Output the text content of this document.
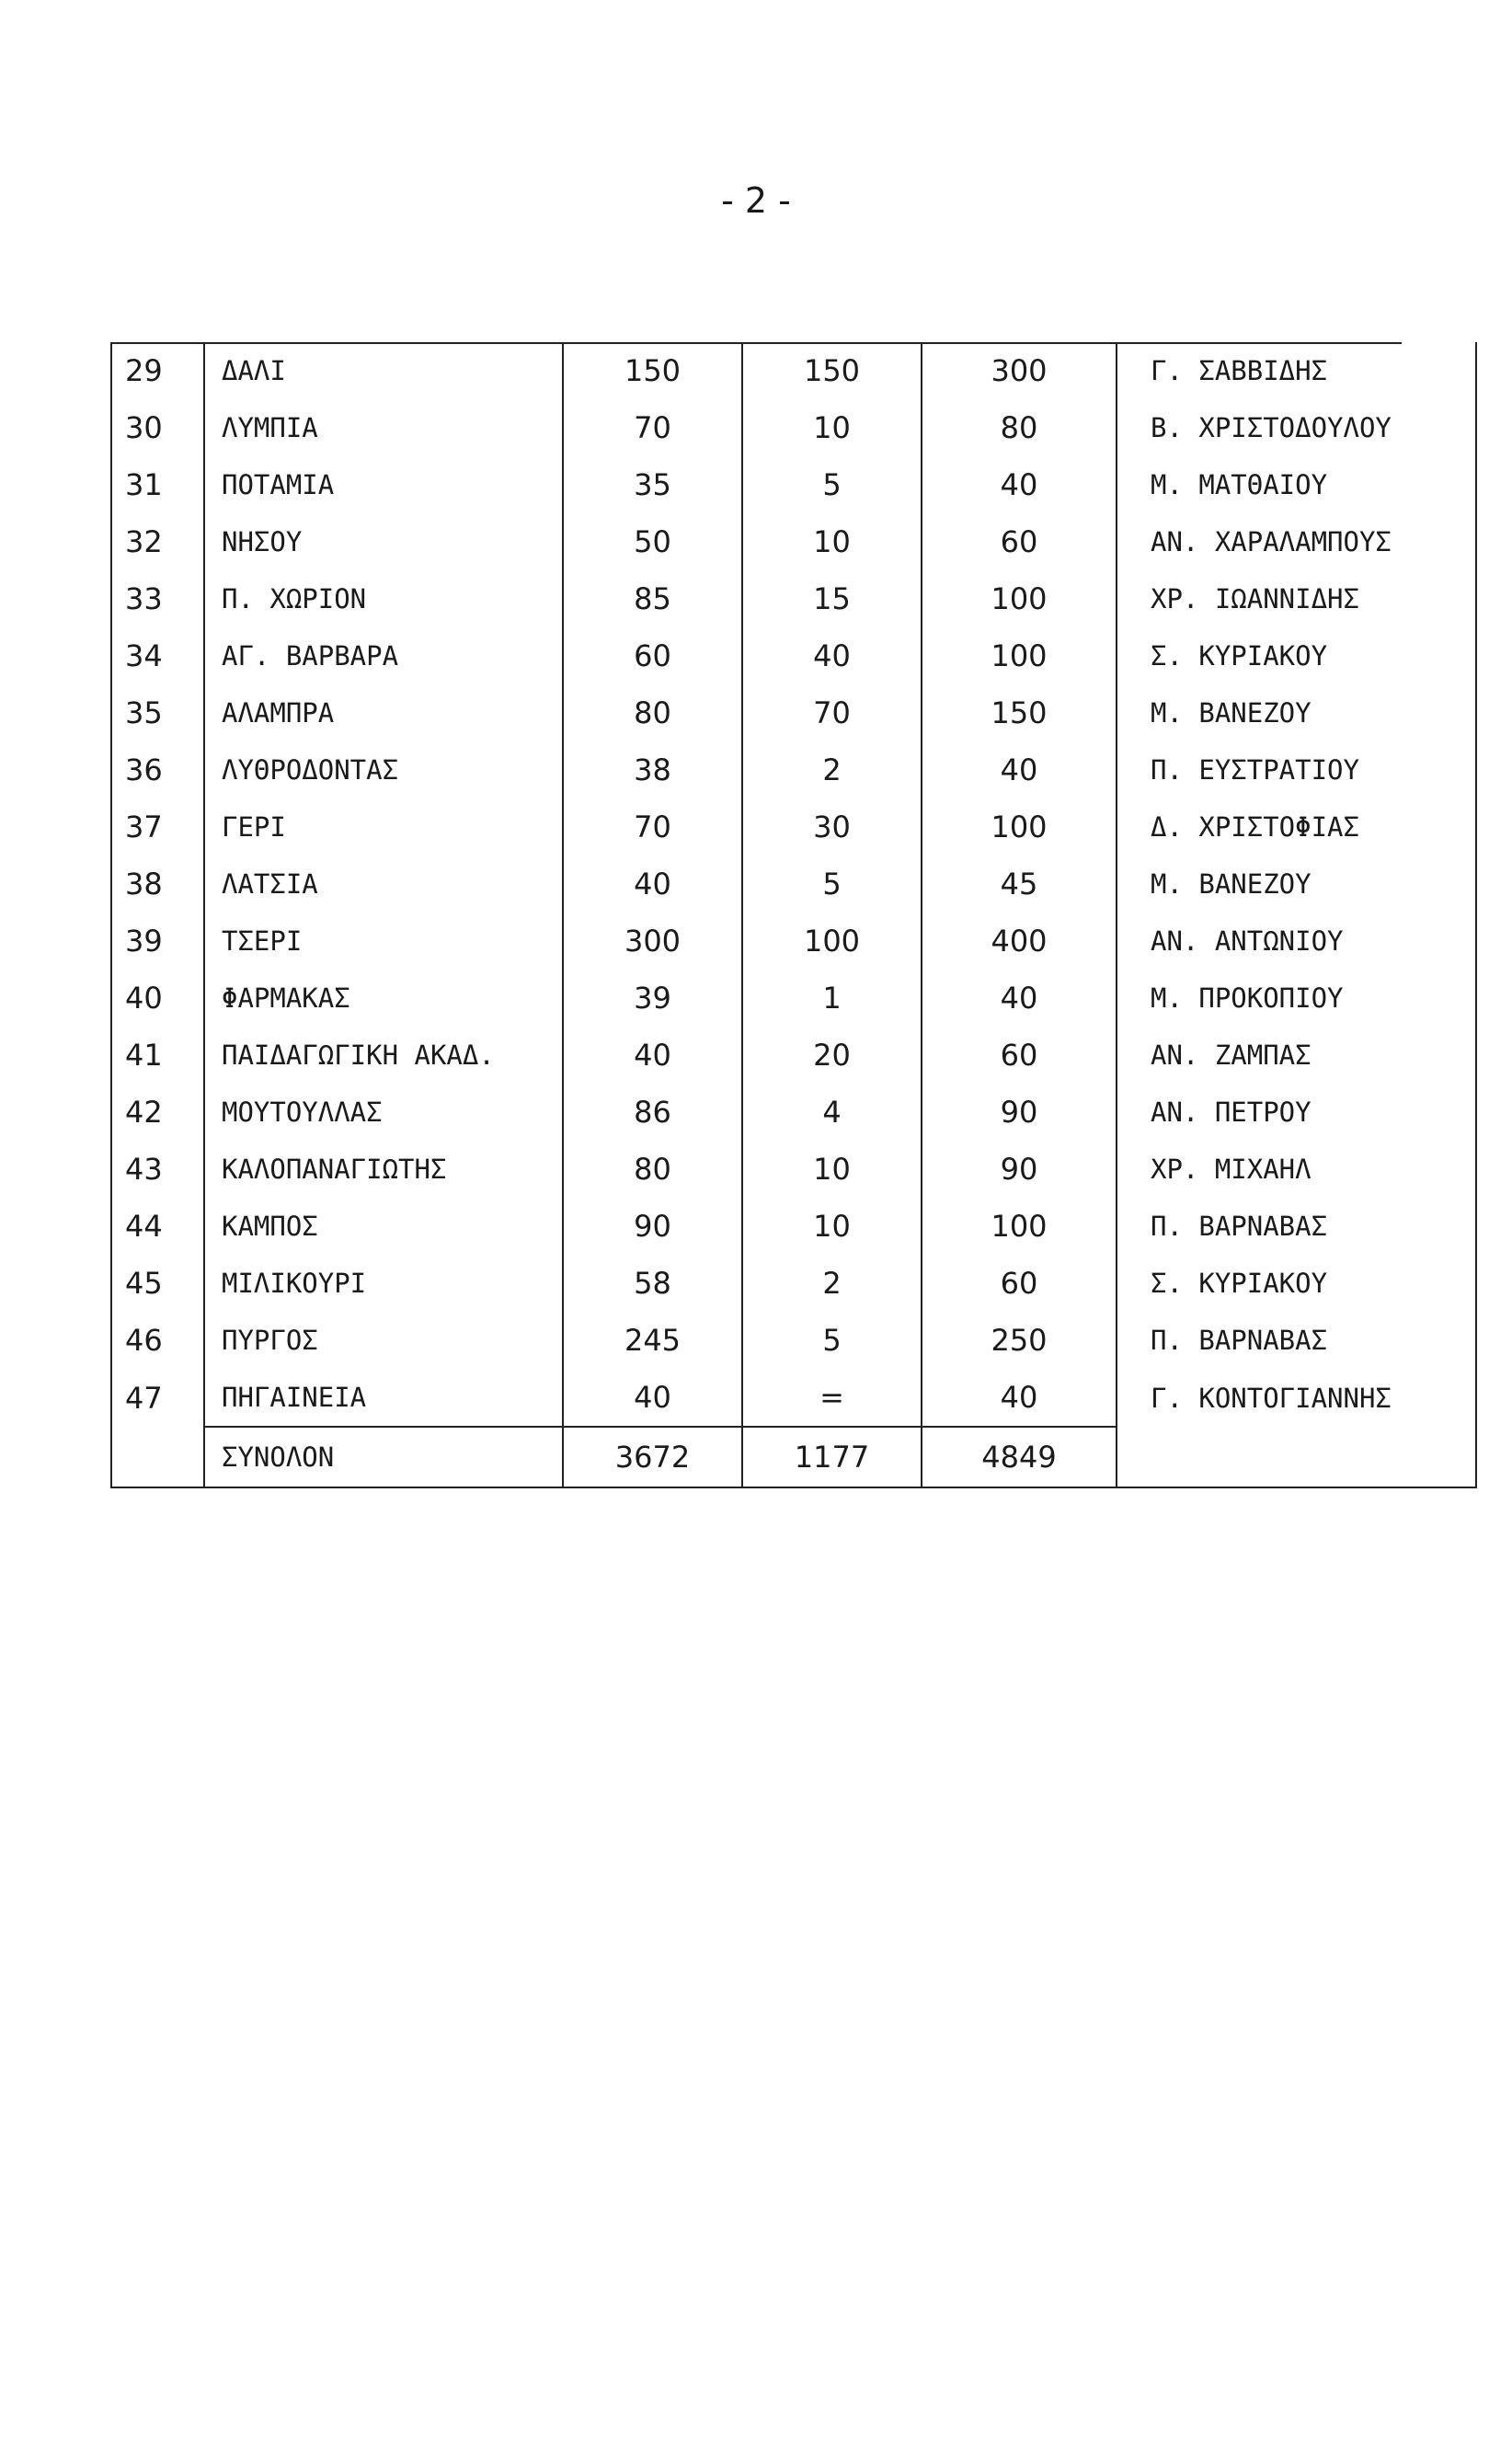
- 2 -
29	ΔΑΛΙ	150	150	300	Γ. ΣΑΒΒΙΔΗΣ
30	ΛΥΜΠΙΑ	70	10	80	Β. ΧΡΙΣΤΟΔΟΥΛΟΥ
31	ΠΟΤΑΜΙΑ	35	5	40	Μ. ΜΑΤΘΑΙΟΥ
32	ΝΗΣΟΥ	50	10	60	ΑΝ. ΧΑΡΑΛΑΜΠΟΥΣ
33	Π. ΧΩΡΙΟΝ	85	15	100	ΧΡ. ΙΩΑΝΝΙΔΗΣ
34	ΑΓ. ΒΑΡΒΑΡΑ	60	40	100	Σ. ΚΥΡΙΑΚΟΥ
35	ΑΛΑΜΠΡΑ	80	70	150	Μ. ΒΑΝΕΖΟΥ
36	ΛΥΘΡΟΔΟΝΤΑΣ	38	2	40	Π. ΕΥΣΤΡΑΤΙΟΥ
37	ΓΕΡΙ	70	30	100	Δ. ΧΡΙΣΤΟΦΙΑΣ
38	ΛΑΤΣΙΑ	40	5	45	Μ. ΒΑΝΕΖΟΥ
39	ΤΣΕΡΙ	300	100	400	ΑΝ. ΑΝΤΩΝΙΟΥ
40	ΦΑΡΜΑΚΑΣ	39	1	40	Μ. ΠΡΟΚΟΠΙΟΥ
41	ΠΑΙΔΑΓΩΓΙΚΗ ΑΚΑΔ.	40	20	60	ΑΝ. ΖΑΜΠΑΣ
42	ΜΟΥΤΟΥΛΛΑΣ	86	4	90	ΑΝ. ΠΕΤΡΟΥ
43	ΚΑΛΟΠΑΝΑΓΙΩΤΗΣ	80	10	90	ΧΡ. ΜΙΧΑΗΛ
44	ΚΑΜΠΟΣ	90	10	100	Π. ΒΑΡΝΑΒΑΣ
45	ΜΙΛΙΚΟΥΡΙ	58	2	60	Σ. ΚΥΡΙΑΚΟΥ
46	ΠΥΡΓΟΣ	245	5	250	Π. ΒΑΡΝΑΒΑΣ
47	ΠΗΓΑΙΝΕΙΑ	40	=	40	Γ. ΚΟΝΤΟΓΙΑΝΝΗΣ
	ΣΥΝΟΛΟΝ	3672	1177	4849	
